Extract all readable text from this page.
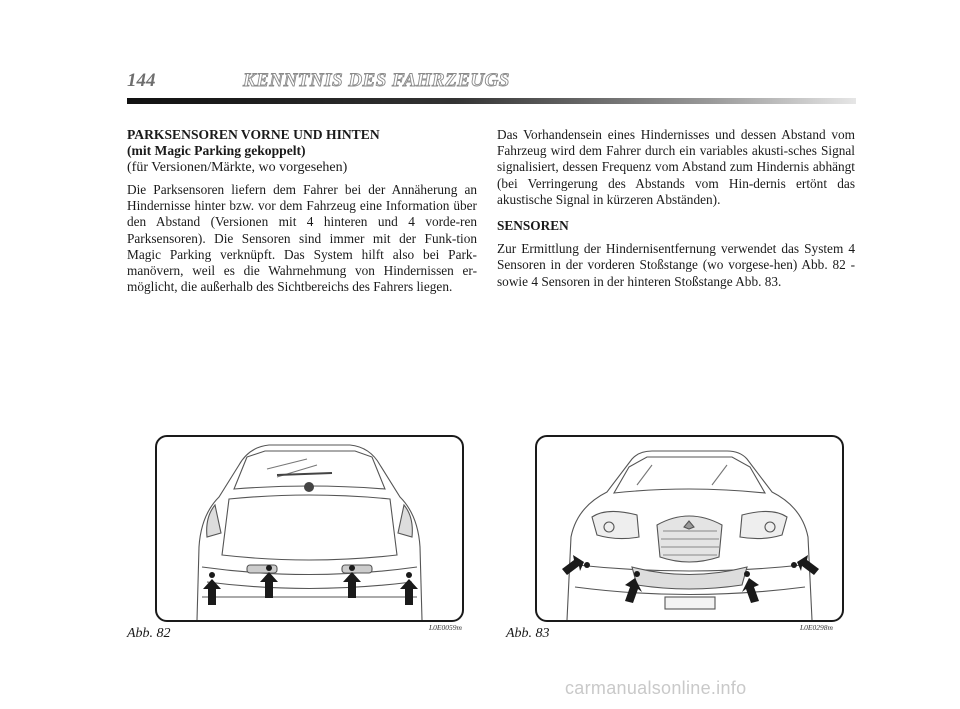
144	KENNTNIS DES FAHRZEUGS

PARKSENSOREN VORNE UND HINTEN

(mit Magic Parking gekoppelt)

(für Versionen/Märkte, wo vorgesehen)

Die Parksensoren liefern dem Fahrer bei der Annäherung an Hindernisse hinter bzw. vor dem Fahrzeug eine Information über den Abstand (Versionen mit 4 hinteren und 4 vorde-ren Parksensoren). Die Sensoren sind immer mit der Funk-tion Magic Parking verknüpft. Das System hilft also bei Park-manövern, weil es die Wahrnehmung von Hindernissen er-möglicht, die außerhalb des Sichtbereichs des Fahrers liegen.

Das Vorhandensein eines Hindernisses und dessen Abstand vom Fahrzeug wird dem Fahrer durch ein variables akusti-sches Signal signalisiert, dessen Frequenz vom Abstand zum Hindernis abhängt (bei Verringerung des Abstands vom Hin-dernis ertönt das akustische Signal in kürzeren Abständen).

SENSOREN

Zur Ermittlung der Hindernisentfernung verwendet das System 4 Sensoren in der vorderen Stoßstange (wo vorgese-hen) Abb. 82 - sowie 4 Sensoren in der hinteren Stoßstange Abb. 83.

Abb. 82	L0E0059m	Abb. 83	L0E0298m
carmanualsonline.info
